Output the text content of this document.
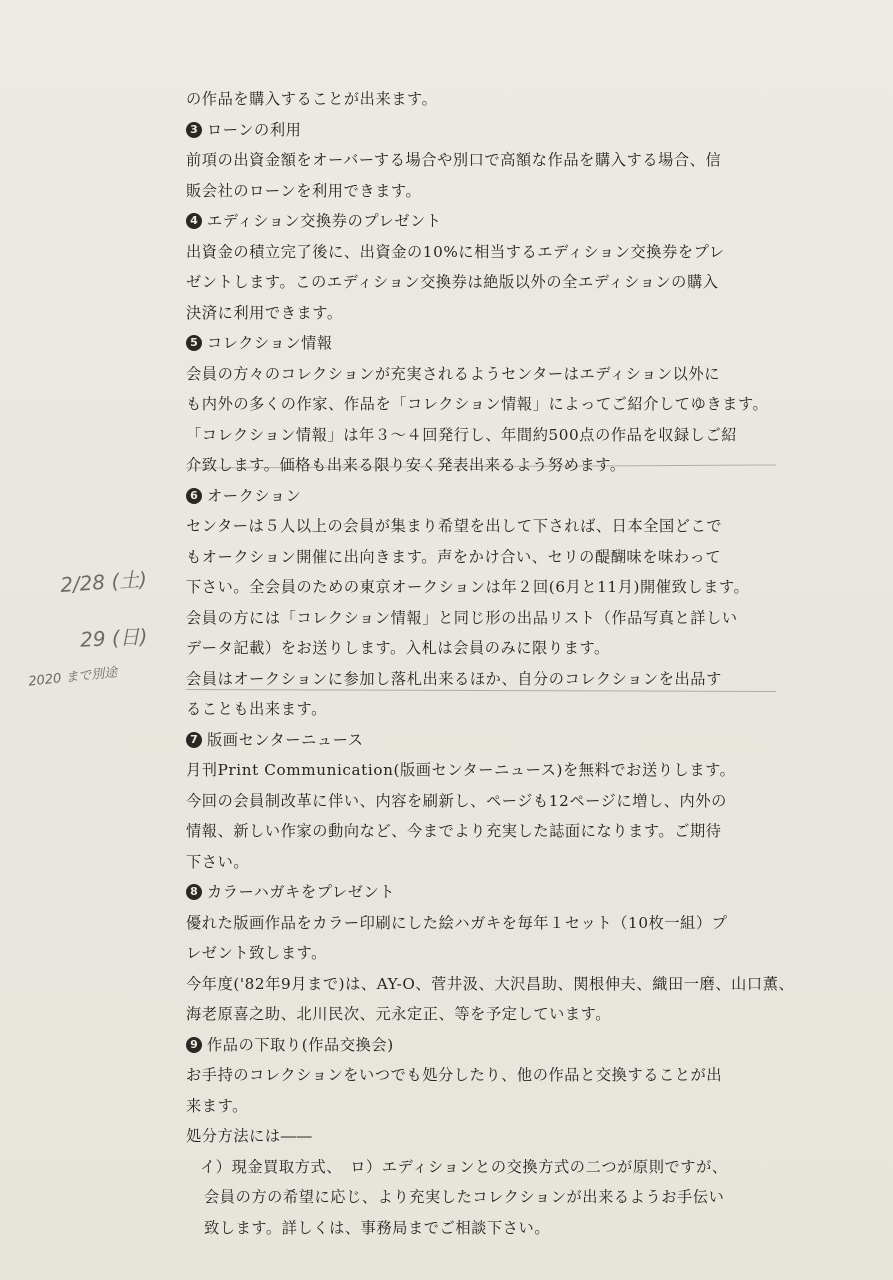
2/28 (土)
29 (日)
2020 まで別途
の作品を購入することが出来ます。
3 ローンの利用
前項の出資金額をオーバーする場合や別口で高額な作品を購入する場合、信
販会社のローンを利用できます。
4 エディション交換券のプレゼント
出資金の積立完了後に、出資金の10%に相当するエディション交換券をプレ
ゼントします。このエディション交換券は絶版以外の全エディションの購入
決済に利用できます。
5 コレクション情報
会員の方々のコレクションが充実されるようセンターはエディション以外に
も内外の多くの作家、作品を「コレクション情報」によってご紹介してゆきます。
「コレクション情報」は年３～４回発行し、年間約500点の作品を収録しご紹
介致します。価格も出来る限り安く発表出来るよう努めます。
6 オークション
センターは５人以上の会員が集まり希望を出して下されば、日本全国どこで
もオークション開催に出向きます。声をかけ合い、セリの醍醐味を味わって
下さい。全会員のための東京オークションは年２回(6月と11月)開催致します。
会員の方には「コレクション情報」と同じ形の出品リスト（作品写真と詳しい
データ記載）をお送りします。入札は会員のみに限ります。
会員はオークションに参加し落札出来るほか、自分のコレクションを出品す
ることも出来ます。
7 版画センターニュース
月刊Print Communication(版画センターニュース)を無料でお送りします。
今回の会員制改革に伴い、内容を刷新し、ページも12ページに増し、内外の
情報、新しい作家の動向など、今までより充実した誌面になります。ご期待
下さい。
8 カラーハガキをプレゼント
優れた版画作品をカラー印刷にした絵ハガキを毎年１セット（10枚一組）プ
レゼント致します。
今年度('82年9月まで)は、AY-O、菅井汲、大沢昌助、関根伸夫、織田一磨、山口薫、
海老原喜之助、北川民次、元永定正、等を予定しています。
9 作品の下取り(作品交換会)
お手持のコレクションをいつでも処分したり、他の作品と交換することが出
来ます。
処分方法には――
イ）現金買取方式、　ロ）エディションとの交換方式の二つが原則ですが、
会員の方の希望に応じ、より充実したコレクションが出来るようお手伝い
致します。詳しくは、事務局までご相談下さい。
